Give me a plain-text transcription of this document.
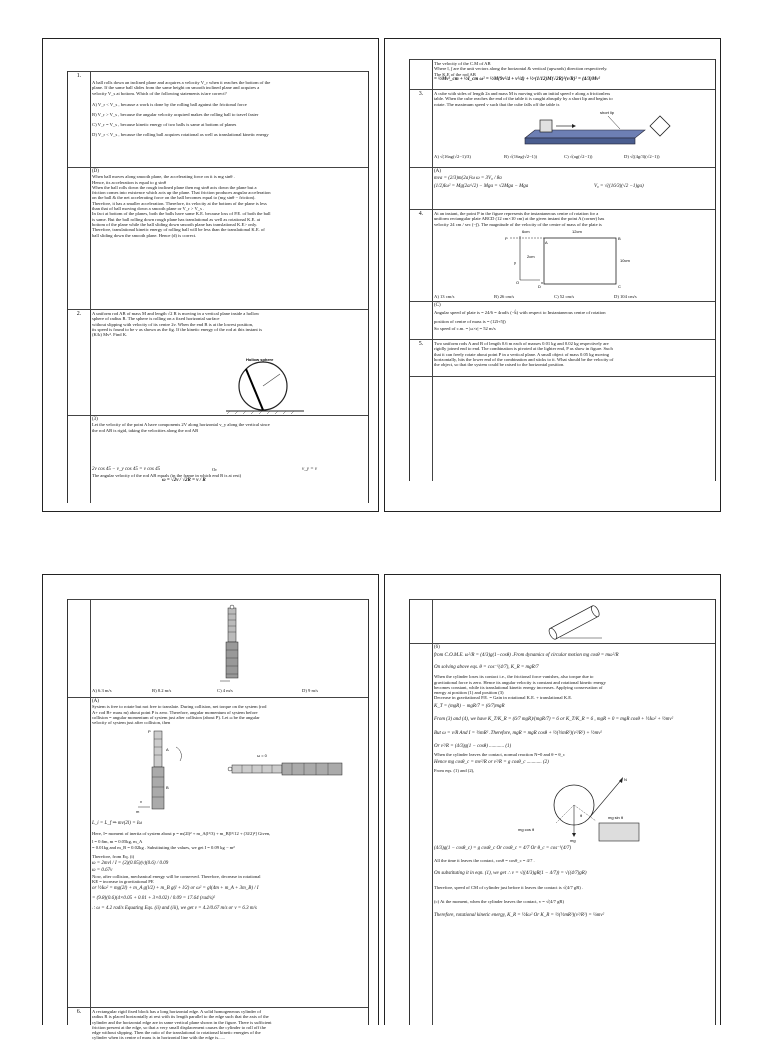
1.
A ball rolls down an inclined plane and acquires a velocity V_r when it reaches the bottom of the
plane. If the same ball slides from the same height on smooth inclined plane and acquires a
velocity V_s at bottom. Which of the following statements is/are correct?
A) V_r < V_s , because a work is done by the rolling ball against the frictional force
B) V_r > V_s , because the angular velocity acquired makes the rolling ball to travel faster
C) V_r = V_s , because kinetic energy of two balls is same at bottom of planes
D) V_r < V_s , because the rolling ball acquires rotational as well as translational kinetic energy
(D)
When ball moves along smooth plane, the accelerating force on it is mg sinθ .
Hence, its acceleration is equal to g sinθ
When the ball rolls down the rough inclined plane then mg sinθ acts down the plane but a
friction comes into existence which acts up the plane. That friction produces angular acceleration
on the ball & the net accelerating force on the ball becomes equal to (mg sinθ − friction).
Therefore, it has a smaller acceleration. Therefore, its velocity at the bottom of the plane is less
than that of ball moving down a smooth plane or V_r > V_s .
In fact at bottom of the planes, both the balls have same K.E. because loss of P.E. of both the ball
is same. But the ball rolling down rough plane has translational as well as rotational K.E. at
bottom of the plane while the ball sliding down smooth plane has translational K.E> only.
Therefore, translational kinetic energy of rolling ball will be less than the translational K.E. of
ball sliding down the smooth plane. Hence (d) is correct.
2.	A uniform rod AB of mass M and length √2 R is moving in a vertical plane inside a hollow
sphere of radius R. The sphere is rolling on a fixed horizontal surface
without slipping with velocity of its centre 2v. When the end B is at the lowest position,
its speed is found to be v as shown as the fig. If the kinetic energy of the rod at this instant is
(K/k) Mv². Find K.
Hollow sphere
(3)
Let the velocity of the point A have components 2V along horizontal v_y along the vertical since
the rod AB is rigid, taking the velocities along the rod AB
2v cos 45 − v_y cos 45 = v cos 45	Or	v_y = v
The angular velocity of the rod AB equals (in the frame in which end B is at rest)
ω = √2v / √2R = v / R
The velocity of the C.M of AB
Where î, ĵ are the unit vectors along the horizontal & vertical (upwards) direction respectively.
The K.E of the rod AB
= ½Mv²_cm + ½I_cm ω² = ½M(9v²/4 + v²/4) + ½·(1/12)M(√2R)²(v/R)² = (4/3)Mv²
3.	A cube with sides of length 2a and mass M is moving with an initial speed v along a frictionless
table. When the cube reaches the end of the table it is caught abruptly by a short lip and begins to
rotate. The maximum speed v such that the cube falls off the table is
short lip
A) √(16ag(√2−1)/3)	B) √(16ag(√2−1))	C) √(ag(√2−1))	D) √((4g/3)(√2−1))
(A)
mva = (2/3)m(2a)²ω ω = 3V₀ / 8a
(1/2)Iω² = Mg(2a/√2) − Mga = √2Mga − Mga	V₀ = √((16/3)(√2 −1)ga)
4.	At an instant, the point P in the figure represents the instantaneous centre of rotation for a
uniform rectangular plate ABCD (12 cm×10 cm) at the given instant the point A (corner) has
velocity 24 cm / sec (−ĵ). The magnitude of the velocity of the centre of mass of the plate is
O	x
y
P
A
B
C
D
6cm	12cm
10cm
2cm
A) 13 cm/s	B) 26 cm/s	C) 52 cm/s	D) 104 cm/s
(C)
Angular speed of plate is = 24/6 = 4rad/s (−k̂) with respect to Instantaneous centre of rotation
position of centre of mass is = (12î+5ĵ)
So speed of c.m. = |ω×r| = 52 m/s
5.	Two uniform rods A and B of length 0.6 m each of masses 0.01 kg and 0.02 kg respectively are
rigidly joined end to end. The combination is pivoted at the lighter end, P as show in figure. Such
that it can freely rotate about point P in a vertical plane. A small object of mass 0.05 kg moving
horizontally, hits the lower end of the combination and sticks to it. What should be the velocity of
the object, so that the system could be raised to the horizontal position.
A) 6.3 m/s	B) 8.2 m/s	C) 4 m/s	D) 9 m/s
(A)
System is free to rotate but not free to translate. During collision, net torque on the system (rod
A+ rod B+ mass m) about point P is zero. Therefore, angular momentum of system before
collision = angular momentum of system just after collision (about P). Let ω be the angular
velocity of system just after collision, then
P
A
B
m
v
ω = 0
L_i = L_f ⇒ mv(2l) = Iω
Here, I= moment of inertia of system about p = m(2l)² + m_A(l²/3) + m_B[l²/12 + (3l/2)²] Given,
l = 0.6m, m = 0.05kg, m_A
= 0.01kg and m_B = 0.02kg . Substituting the values, we get I = 0.09 kg − m²
Therefore, from Eq. (i)
ω = 2mvl / I = (2)(0.05)(v)(0.6) / 0.09
ω = 0.67v
Now, after collision, mechanical energy will be conserved. Therefore, decrease in rotational
KE = increase in gravitational PE
or ½Iω² = mg(2l) + m_A g(l/2) + m_B g(l + l/2) or ω² = gl(4m + m_A + 3m_B) / I
= (9.8)(0.6)(4×0.05 + 0.01 + 3×0.02) / 0.09 = 17.64 (rad/s)²
∴ ω = 4.2 rad/s Equating Eqs. (ii) and (iii), we get v = 4.2/0.67 m/s or v = 6.3 m/s
6.	A rectangular rigid fixed block has a long horizontal edge. A solid homogeneous cylinder of
radius R is placed horizontally at rest with its length parallel to the edge such that the axis of the
cylinder and the horizontal edge are in same vertical plane shown in the figure. There is sufficient
friction present at the edge, so that a very small displacement causes the cylinder to roll off the
edge without slipping. Then the ratio of the translational to rotational kinetic energies of the
cylinder when its centre of mass is in horizontal line with the edge is......
(6)
from C.O.M.E. ω²/R = (4/3)g(1−cosθ) .From dynamics of circular motion mg cosθ = mω²/R
On solving above eqs. θ = cos⁻¹(4/7), K_R = mgR/7
When the cylinder loses its contact i.e., the frictional force vanishes, also torque due to
gravitational force is zero. Hence its angular velocity is constant and rotational kinetic energy
becomes constant, while its translational kinetic energy increases. Applying conservation of
energy at position (1) and position (3)
Decrease in gravitational P.E. = Gain in rotational K.E. + translational K.E.
K_T = (mgR) − mgR/7 = (6/7)mgR
From (3) and (4), we have K_T/K_R = (6/7 mgR)/(mgR/7) = 6 or K_T/K_R = 6 , mgR + 0 = mgR cosθ + ½Iω² + ½mv²
But ω = v/R And I = ½mR² .Therefore, mgR = mgR cosθ + ½(½mR²)(v²/R²) + ½mv²
Or v²/R = (4/3)g(1 − cosθ) ............ (1)
When the cylinder leaves the contact, normal reaction N=0 and θ = θ_c
Hence mg cosθ_c = mv²/R or v²/R = g cosθ_c ............ (2)
From eqs. (1) and (2),
N
mg
mg cos θ
mg sin θ
θ
(4/3)g(1 − cosθ_c) = g cosθ_c Or cosθ_c = 4/7 Or θ_c = cos⁻¹(4/7)
All the time it leaves the contact, cosθ = cosθ_c = 4/7 .
On substituting it in eqn. (1), we get ∴ v = √((4/3)gR(1 − 4/7)) = √((4/7)gR)
Therefore, speed of CM of cylinder just before it leaves the contact is √(4/7 gR) .
(c) At the moment, when the cylinder leaves the contact, v = √(4/7 gR)
Therefore, rotational kinetic energy, K_R = ½Iω² Or K_R = ½(½mR²)(v²/R²) = ¼mv²
